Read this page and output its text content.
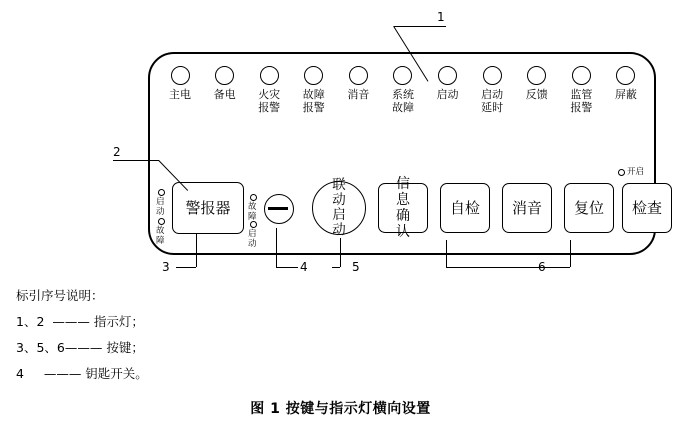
主电 备电 火灾报警
故障报警
消音 系统故障
启动 启动延时
反馈 监管报警
屏蔽
启动
故障
警报器 故障
启动
联动启动
信息确认
自检 消音 复位
开启
检查
1
2
3	4	5	6
标引序号说明：
1、2  ——— 指示灯；
3、5、6——— 按键；
4     ——— 钥匙开关。
图 1 按键与指示灯横向设置
